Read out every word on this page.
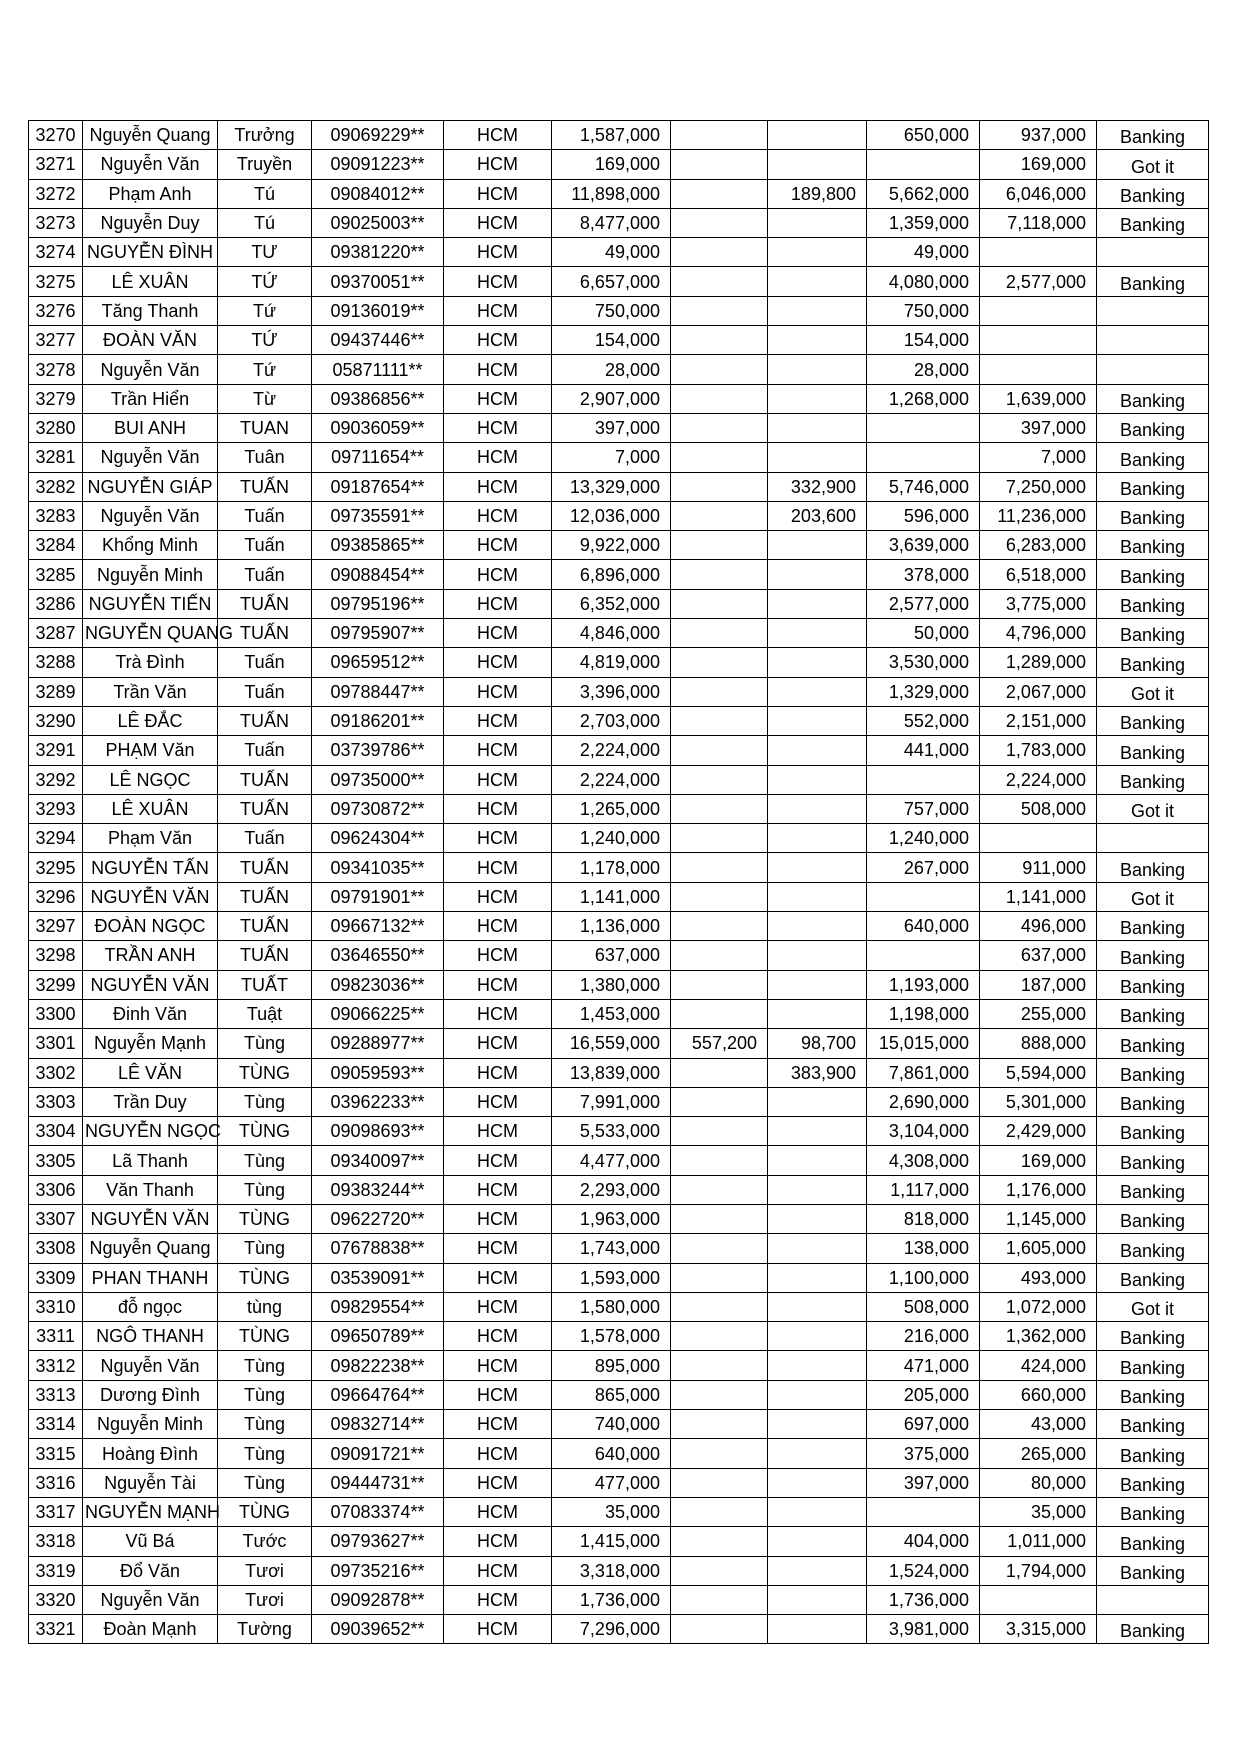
3270	Nguyễn Quang	Trưởng	09069229**	HCM	1,587,000			650,000	937,000	Banking
3271	Nguyễn Văn	Truyền	09091223**	HCM	169,000				169,000	Got it
3272	Phạm Anh	Tú	09084012**	HCM	11,898,000		189,800	5,662,000	6,046,000	Banking
3273	Nguyễn Duy	Tú	09025003**	HCM	8,477,000			1,359,000	7,118,000	Banking
3274	NGUYỄN ĐÌNH	TƯ	09381220**	HCM	49,000			49,000		
3275	LÊ XUÂN	TỨ	09370051**	HCM	6,657,000			4,080,000	2,577,000	Banking
3276	Tăng Thanh	Tứ	09136019**	HCM	750,000			750,000		
3277	ĐOÀN VĂN	TỨ	09437446**	HCM	154,000			154,000		
3278	Nguyễn Văn	Tứ	05871111**	HCM	28,000			28,000		
3279	Trần Hiển	Từ	09386856**	HCM	2,907,000			1,268,000	1,639,000	Banking
3280	BUI ANH	TUAN	09036059**	HCM	397,000				397,000	Banking
3281	Nguyễn Văn	Tuân	09711654**	HCM	7,000				7,000	Banking
3282	NGUYỄN GIÁP	TUẤN	09187654**	HCM	13,329,000		332,900	5,746,000	7,250,000	Banking
3283	Nguyễn Văn	Tuấn	09735591**	HCM	12,036,000		203,600	596,000	11,236,000	Banking
3284	Khổng Minh	Tuấn	09385865**	HCM	9,922,000			3,639,000	6,283,000	Banking
3285	Nguyễn Minh	Tuấn	09088454**	HCM	6,896,000			378,000	6,518,000	Banking
3286	NGUYỄN TIẾN	TUẤN	09795196**	HCM	6,352,000			2,577,000	3,775,000	Banking
3287	NGUYỄN QUANG	TUẤN	09795907**	HCM	4,846,000			50,000	4,796,000	Banking
3288	Trà Đình	Tuấn	09659512**	HCM	4,819,000			3,530,000	1,289,000	Banking
3289	Trần Văn	Tuấn	09788447**	HCM	3,396,000			1,329,000	2,067,000	Got it
3290	LÊ ĐẮC	TUẤN	09186201**	HCM	2,703,000			552,000	2,151,000	Banking
3291	PHẠM Văn	Tuấn	03739786**	HCM	2,224,000			441,000	1,783,000	Banking
3292	LÊ NGỌC	TUẤN	09735000**	HCM	2,224,000				2,224,000	Banking
3293	LÊ XUÂN	TUẤN	09730872**	HCM	1,265,000			757,000	508,000	Got it
3294	Phạm Văn	Tuấn	09624304**	HCM	1,240,000			1,240,000		
3295	NGUYỄN TẤN	TUẤN	09341035**	HCM	1,178,000			267,000	911,000	Banking
3296	NGUYỄN VĂN	TUẤN	09791901**	HCM	1,141,000				1,141,000	Got it
3297	ĐOÀN NGỌC	TUẤN	09667132**	HCM	1,136,000			640,000	496,000	Banking
3298	TRẦN ANH	TUẤN	03646550**	HCM	637,000				637,000	Banking
3299	NGUYỄN VĂN	TUẤT	09823036**	HCM	1,380,000			1,193,000	187,000	Banking
3300	Đinh Văn	Tuật	09066225**	HCM	1,453,000			1,198,000	255,000	Banking
3301	Nguyễn Mạnh	Tùng	09288977**	HCM	16,559,000	557,200	98,700	15,015,000	888,000	Banking
3302	LÊ VĂN	TÙNG	09059593**	HCM	13,839,000		383,900	7,861,000	5,594,000	Banking
3303	Trần Duy	Tùng	03962233**	HCM	7,991,000			2,690,000	5,301,000	Banking
3304	NGUYỄN NGỌC	TÙNG	09098693**	HCM	5,533,000			3,104,000	2,429,000	Banking
3305	Lã Thanh	Tùng	09340097**	HCM	4,477,000			4,308,000	169,000	Banking
3306	Văn Thanh	Tùng	09383244**	HCM	2,293,000			1,117,000	1,176,000	Banking
3307	NGUYỄN VĂN	TÙNG	09622720**	HCM	1,963,000			818,000	1,145,000	Banking
3308	Nguyễn Quang	Tùng	07678838**	HCM	1,743,000			138,000	1,605,000	Banking
3309	PHAN THANH	TÙNG	03539091**	HCM	1,593,000			1,100,000	493,000	Banking
3310	đỗ ngọc	tùng	09829554**	HCM	1,580,000			508,000	1,072,000	Got it
3311	NGÔ THANH	TÙNG	09650789**	HCM	1,578,000			216,000	1,362,000	Banking
3312	Nguyễn Văn	Tùng	09822238**	HCM	895,000			471,000	424,000	Banking
3313	Dương Đình	Tùng	09664764**	HCM	865,000			205,000	660,000	Banking
3314	Nguyễn Minh	Tùng	09832714**	HCM	740,000			697,000	43,000	Banking
3315	Hoàng Đình	Tùng	09091721**	HCM	640,000			375,000	265,000	Banking
3316	Nguyễn Tài	Tùng	09444731**	HCM	477,000			397,000	80,000	Banking
3317	NGUYỄN MẠNH	TÙNG	07083374**	HCM	35,000				35,000	Banking
3318	Vũ Bá	Tước	09793627**	HCM	1,415,000			404,000	1,011,000	Banking
3319	Đổ Văn	Tươi	09735216**	HCM	3,318,000			1,524,000	1,794,000	Banking
3320	Nguyễn Văn	Tươi	09092878**	HCM	1,736,000			1,736,000		
3321	Đoàn Mạnh	Tường	09039652**	HCM	7,296,000			3,981,000	3,315,000	Banking
